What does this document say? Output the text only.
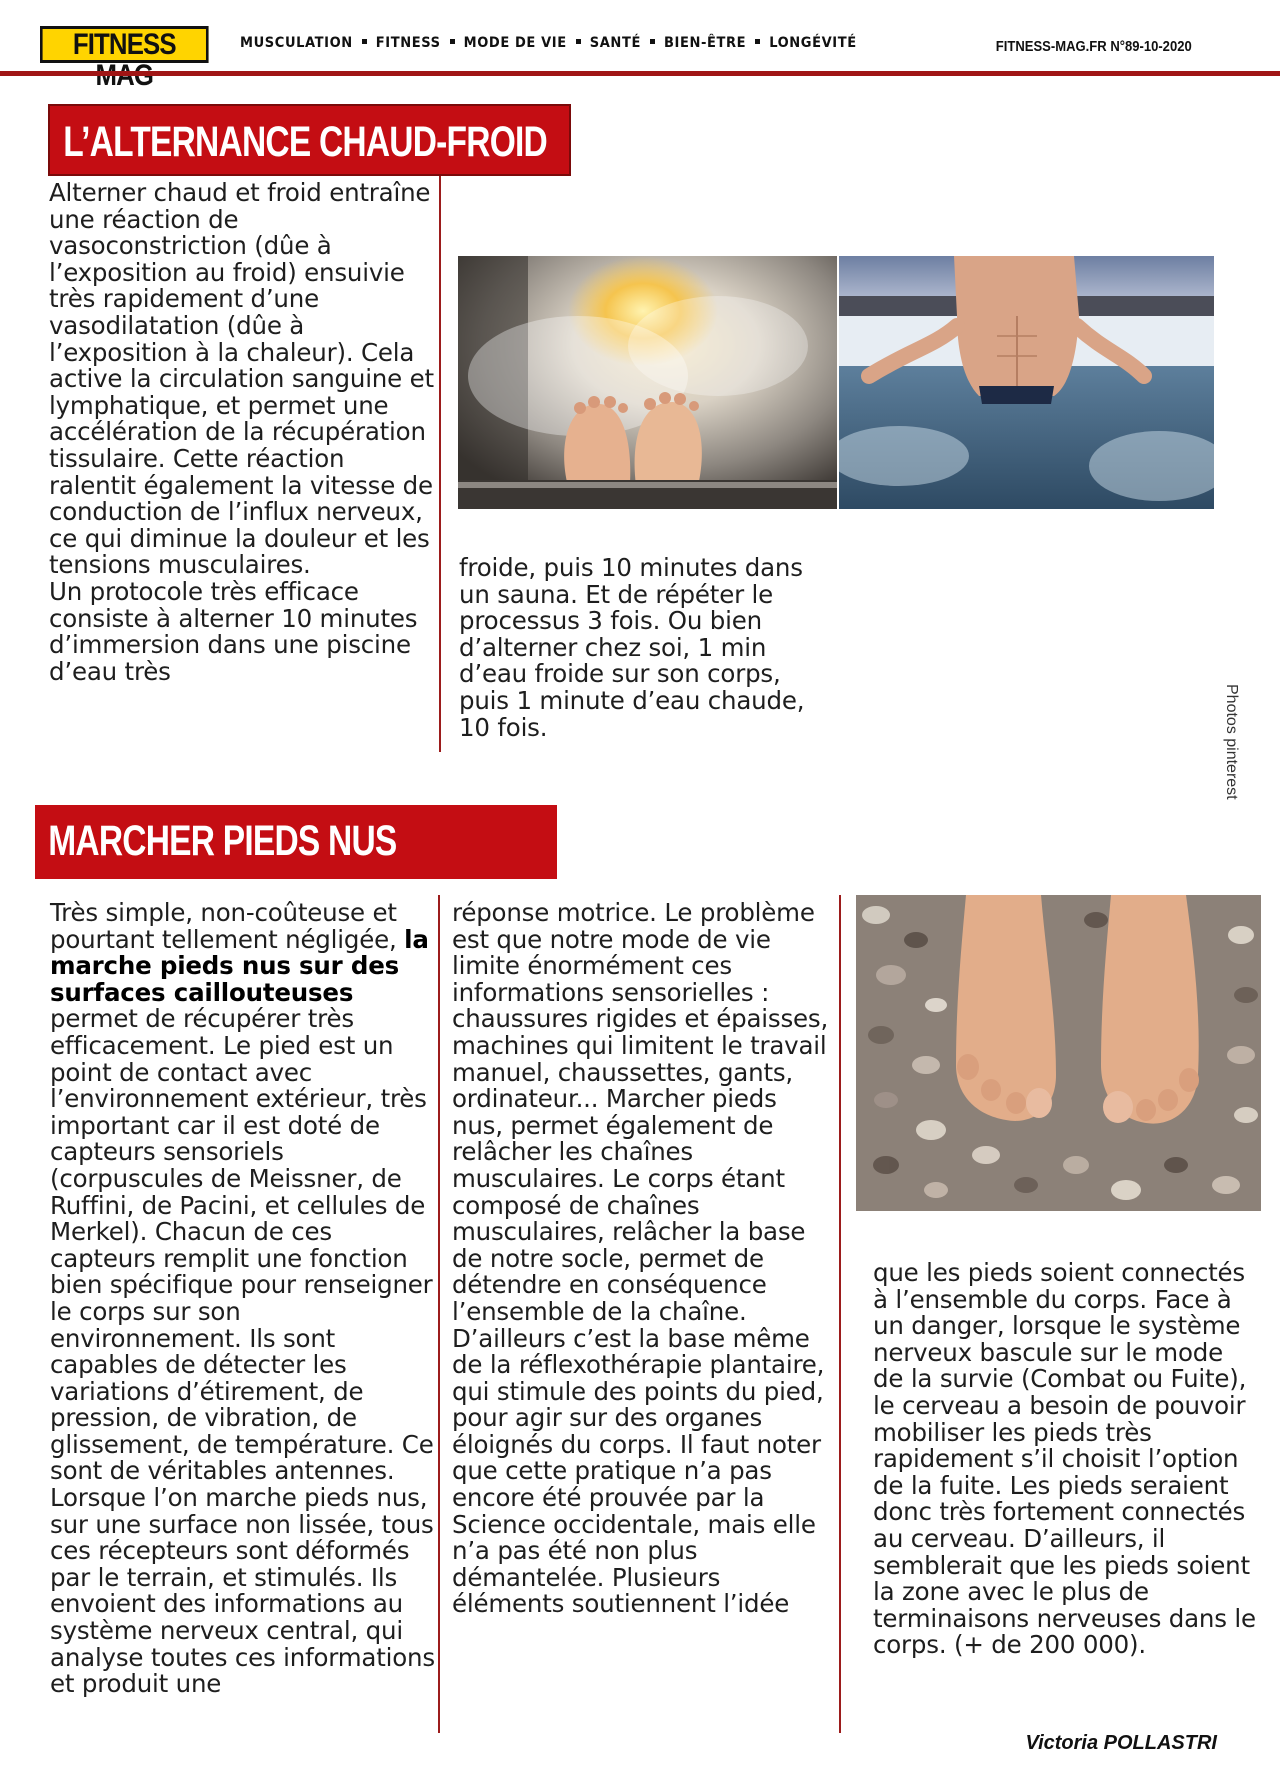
FITNESS	MUSCULATION FITNESS MODE DE VIE SANTÉ BIEN-ÊTRE LONGÉVITÉ	FITNESS-MAG.FR N°89-10-2020
L’ALTERNANCE CHAUD-FROID

Alterner chaud et froid entraîne une réaction de vasoconstriction (dûe à l’exposition au froid) ensuivie très rapidement d’une vasodilatation (dûe à l’exposition à la chaleur). Cela active la circulation sanguine et lymphatique, et permet une accélération de la récupération tissulaire. Cette réaction ralentit également la vitesse de conduction de l’influx nerveux, ce qui diminue la douleur et les tensions musculaires.

Un protocole très efficace consiste à alterner 10 minutes d’immersion dans une piscine d’eau très

froide, puis 10 minutes dans un sauna. Et de répéter le processus 3 fois. Ou bien d’alterner chez soi, 1 min d’eau froide sur son corps, puis 1 minute d’eau chaude, 10 fois.	Photos pinterest
MARCHER PIEDS NUS

Très simple, non-coûteuse et pourtant tellement négligée, la marche pieds nus sur des surfaces caillouteuses permet de récupérer très efficacement. Le pied est un point de contact avec l’environnement extérieur, très important car il est doté de capteurs sensoriels (corpuscules de Meissner, de Ruffini, de Pacini, et cellules de Merkel). Chacun de ces capteurs remplit une fonction bien spécifique pour renseigner le corps sur son environnement. Ils sont capables de détecter les variations d’étirement, de pression, de vibration, de glissement, de température. Ce sont de véritables antennes. Lorsque l’on marche pieds nus, sur une surface non lissée, tous ces récepteurs sont déformés par le terrain, et stimulés. Ils envoient des informations au système nerveux central, qui analyse toutes ces informations et produit une

réponse motrice. Le problème est que notre mode de vie limite énormément ces informations sensorielles : chaussures rigides et épaisses, machines qui limitent le travail manuel, chaussettes, gants, ordinateur... Marcher pieds nus, permet également de relâcher les chaînes musculaires. Le corps étant composé de chaînes musculaires, relâcher la base de notre socle, permet de détendre en conséquence l’ensemble de la chaîne. D’ailleurs c’est la base même de la réflexothérapie plantaire, qui stimule des points du pied, pour agir sur des organes éloignés du corps. Il faut noter que cette pratique n’a pas encore été prouvée par la Science occidentale, mais elle n’a pas été non plus démantelée. Plusieurs éléments soutiennent l’idée

que les pieds soient connectés à l’ensemble du corps. Face à un danger, lorsque le système nerveux bascule sur le mode de la survie (Combat ou Fuite), le cerveau a besoin de pouvoir mobiliser les pieds très rapidement s’il choisit l’option de la fuite. Les pieds seraient donc très fortement connectés au cerveau. D’ailleurs, il semblerait que les pieds soient la zone avec le plus de terminaisons nerveuses dans le corps. (+ de 200 000).

Victoria POLLASTRI
